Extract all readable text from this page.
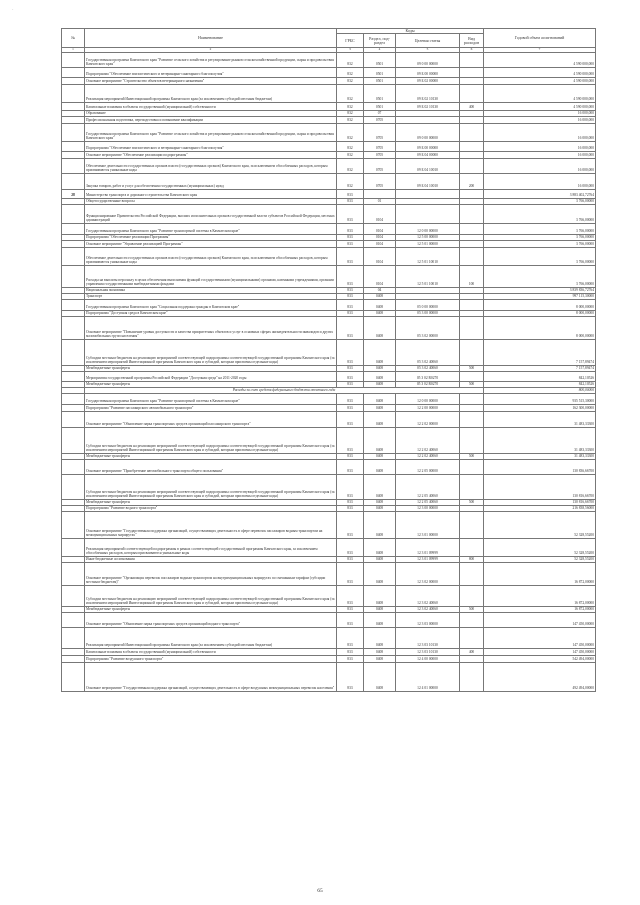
·
№	Наименование	Коды				Годовой объем ассигнований
		ГРБС	Раздел, под-раздел	Целевая статья	Вид расходов	
1	2	3	4	5	6	7
	Государственная программа Камчатского края "Развитие сельского хозяйства и регулирование рынков сельскохозяйственной продукции, сырья и продовольствия Камчатского края"	832	0501	09 0 00 00000		4 590 000,000
	Подпрограмма "Обеспечение эпизоотического и ветеринарно-санитарного благополучия"	832	0501	09 Б 00 00000		4 590 000,000
	Основное мероприятие "Строительство объектов ветеринарного назначения"	832	0501	09 Б 02 00000		4 590 000,000
	Реализация мероприятий Инвестиционной программы Камчатского края (за исключением субсидий местным бюджетам)	832	0501	09 Б 02 10130		4 590 000,000
	Капитальные вложения в объекты государственной (муниципальной) собственности	832	0501	09 Б 02 10130	400	4 590 000,000
	Образование	832	07			16 000,000
	Профессиональная подготовка, переподготовка и повышение квалификации	832	0705			16 000,000
	Государственная программа Камчатского края "Развитие сельского хозяйства и регулирование рынков сельскохозяйственной продукции, сырья и продовольствия Камчатского края"	832	0705	09 0 00 00000		16 000,000
	Подпрограмма "Обеспечение эпизоотического и ветеринарно-санитарного благополучия"	832	0705	09 Б 00 00000		16 000,000
	Основное мероприятие "Обеспечение реализации подпрограммы"	832	0705	09 Б 04 00000		16 000,000
	Обеспечение деятельности государственных органов власти (государственных органов) Камчатского края, за исключением обособленных расходов, которым присваиваются уникальные коды	832	0705	09 Б 04 10010		16 000,000
	Закупка товаров, работ и услуг для обеспечения государственных (муниципальных) нужд	832	0705	09 Б 04 10010	200	16 000,000
28	Министерство транспорта и дорожного строительства Камчатского края	833				3 883 402,72764
	Общегосударственные вопросы	833	01			3 766,00000
	Функционирование Правительства Российской Федерации, высших исполнительных органов государственной власти субъектов Российской Федерации, местных администраций	833	0104			3 766,00000
	Государственная программа Камчатского края "Развитие транспортной системы в Камчатском крае"	833	0104	12 0 00 00000		3 766,00000
	Подпрограмма "Обеспечение реализации Программы"	833	0104	12 5 00 00000		3 766,00000
	Основное мероприятие "Управление реализацией Программы"	833	0104	12 5 01 00000		3 766,00000
	Обеспечение деятельности государственных органов власти (государственных органов) Камчатского края, за исключением обособленных расходов, которым присваиваются уникальные коды	833	0104	12 5 01 10010		3 766,00000
	Расходы на выплаты персоналу в целях обеспечения выполнения функций государственными (муниципальными) органами, казенными учреждениями, органами управления государственными внебюджетными фондами	833	0104	12 5 01 10010	100	3 766,00000
	Национальная экономика	833	04			3 839 836,72764
	Транспорт	833	0408			997 115,30000
	Государственная программа Камчатского края "Социальная поддержка граждан в Камчатском крае"	833	0408	05 0 00 00000		8 000,00000
	Подпрограмма "Доступная среда в Камчатском крае"	833	0408	05 3 00 00000		8 000,00000
	Основное мероприятие "Повышение уровня доступности и качества приоритетных объектов и услуг в основных сферах жизнедеятельности инвалидов и других маломобильных групп населения"	833	0408	05 3 02 00000		8 000,00000
	Субсидии местным бюджетам на реализацию мероприятий соответствующей подпрограммы соответствующей государственной программы Камчатского края (за исключением мероприятий Инвестиционной программы Камчатского края и субсидий, которым присвоены отдельные коды)	833	0408	05 3 02 40060		7 157,89474
	Межбюджетные трансферты	833	0408	05 3 02 40060	500	7 157,89474
	Мероприятия государственной программы Российской Федерации "Доступная среда" на 2011-2020 годы	833	0408	05 3 02 R0270		842,10526
	Межбюджетные трансферты	833	0408	05 3 02 R0270	500	842,10526
	Расходы за счет средств федерального бюджета отчетного года					800,00000
	Государственная программа Камчатского края "Развитие транспортной системы в Камчатском крае"	833	0408	12 0 00 00000		935 515,30000
	Подпрограмма "Развитие пассажирского автомобильного транспорта"	833	0408	12 2 00 00000		162 300,00000
	Основное мероприятие "Обновление парка транспортных средств организаций пассажирского транспорта"	833	0408	12 2 02 00000		31 483,33300
	Субсидии местным бюджетам на реализацию мероприятий соответствующей подпрограммы соответствующей государственной программы Камчатского края (за исключением мероприятий Инвестиционной программы Камчатского края и субсидий, которым присвоены отдельные коды)	833	0408	12 2 02 40060		31 483,33300
	Межбюджетные трансферты	833	0408	12 2 02 40060	500	31 483,33300
	Основное мероприятие "Приобретение автомобильного транспорта общего пользования"	833	0408	12 2 05 00000		130 836,66700
	Субсидии местным бюджетам на реализацию мероприятий соответствующей подпрограммы соответствующей государственной программы Камчатского края (за исключением мероприятий Инвестиционной программы Камчатского края и субсидий, которым присвоены отдельные коды)	833	0408	12 2 05 40060		130 816,66700
	Межбюджетные трансферты	833	0408	12 2 05 40060	500	130 816,66700
	Подпрограмма "Развитие водного транспорта"	833	0408	12 3 00 00000		216 838,56000
	Основное мероприятие "Государственная поддержка организаций, осуществляющих деятельность в сфере перевозок пассажиров водным транспортом на межмуниципальных маршрутах"	833	0408	12 3 01 00000		52 328,55200
	Реализация мероприятий соответствующей подпрограммы в рамках соответствующей государственной программы Камчатского края, за исключением обособленных расходов, которым присваиваются уникальные коды	833	0408	12 3 01 09999		52 328,55200
	Иные бюджетные ассигнования	833	0408	12 3 01 09999	800	52 328,55200
	Основное мероприятие "Организация перевозок пассажиров водным транспортом на внутримуниципальных маршрутах по смешанным тарифам (субсидии местным бюджетам)"	833	0408	12 3 02 00000		16 872,00000
	Субсидии местным бюджетам на реализацию мероприятий соответствующей подпрограммы соответствующей государственной программы Камчатского края (за исключением мероприятий Инвестиционной программы Камчатского края и субсидий, которым присвоены отдельные коды)	833	0408	12 3 02 40060		16 872,00000
	Межбюджетные трансферты	833	0408	12 3 02 40060	500	16 872,00000
	Основное мероприятие "Обновление парка транспортных средств организаций водного транспорта"	833	0408	12 3 03 00000		147 450,00000
	Реализация мероприятий Инвестиционной программы Камчатского края (за исключением субсидий местным бюджетам)	833	0408	12 3 03 10130		147 450,00000
	Капитальные вложения в объекты государственной (муниципальной) собственности	833	0408	12 3 03 10130	400	147 450,00000
	Подпрограмма "Развитие воздушного транспорта"	833	0408	12 4 00 00000		542 494,00000
	Основное мероприятие "Государственная поддержка организаций, осуществляющих деятельность в сфере воздушных межмуниципальных перевозок населения"	833	0408	12 4 01 00000		492 494,00000
65
